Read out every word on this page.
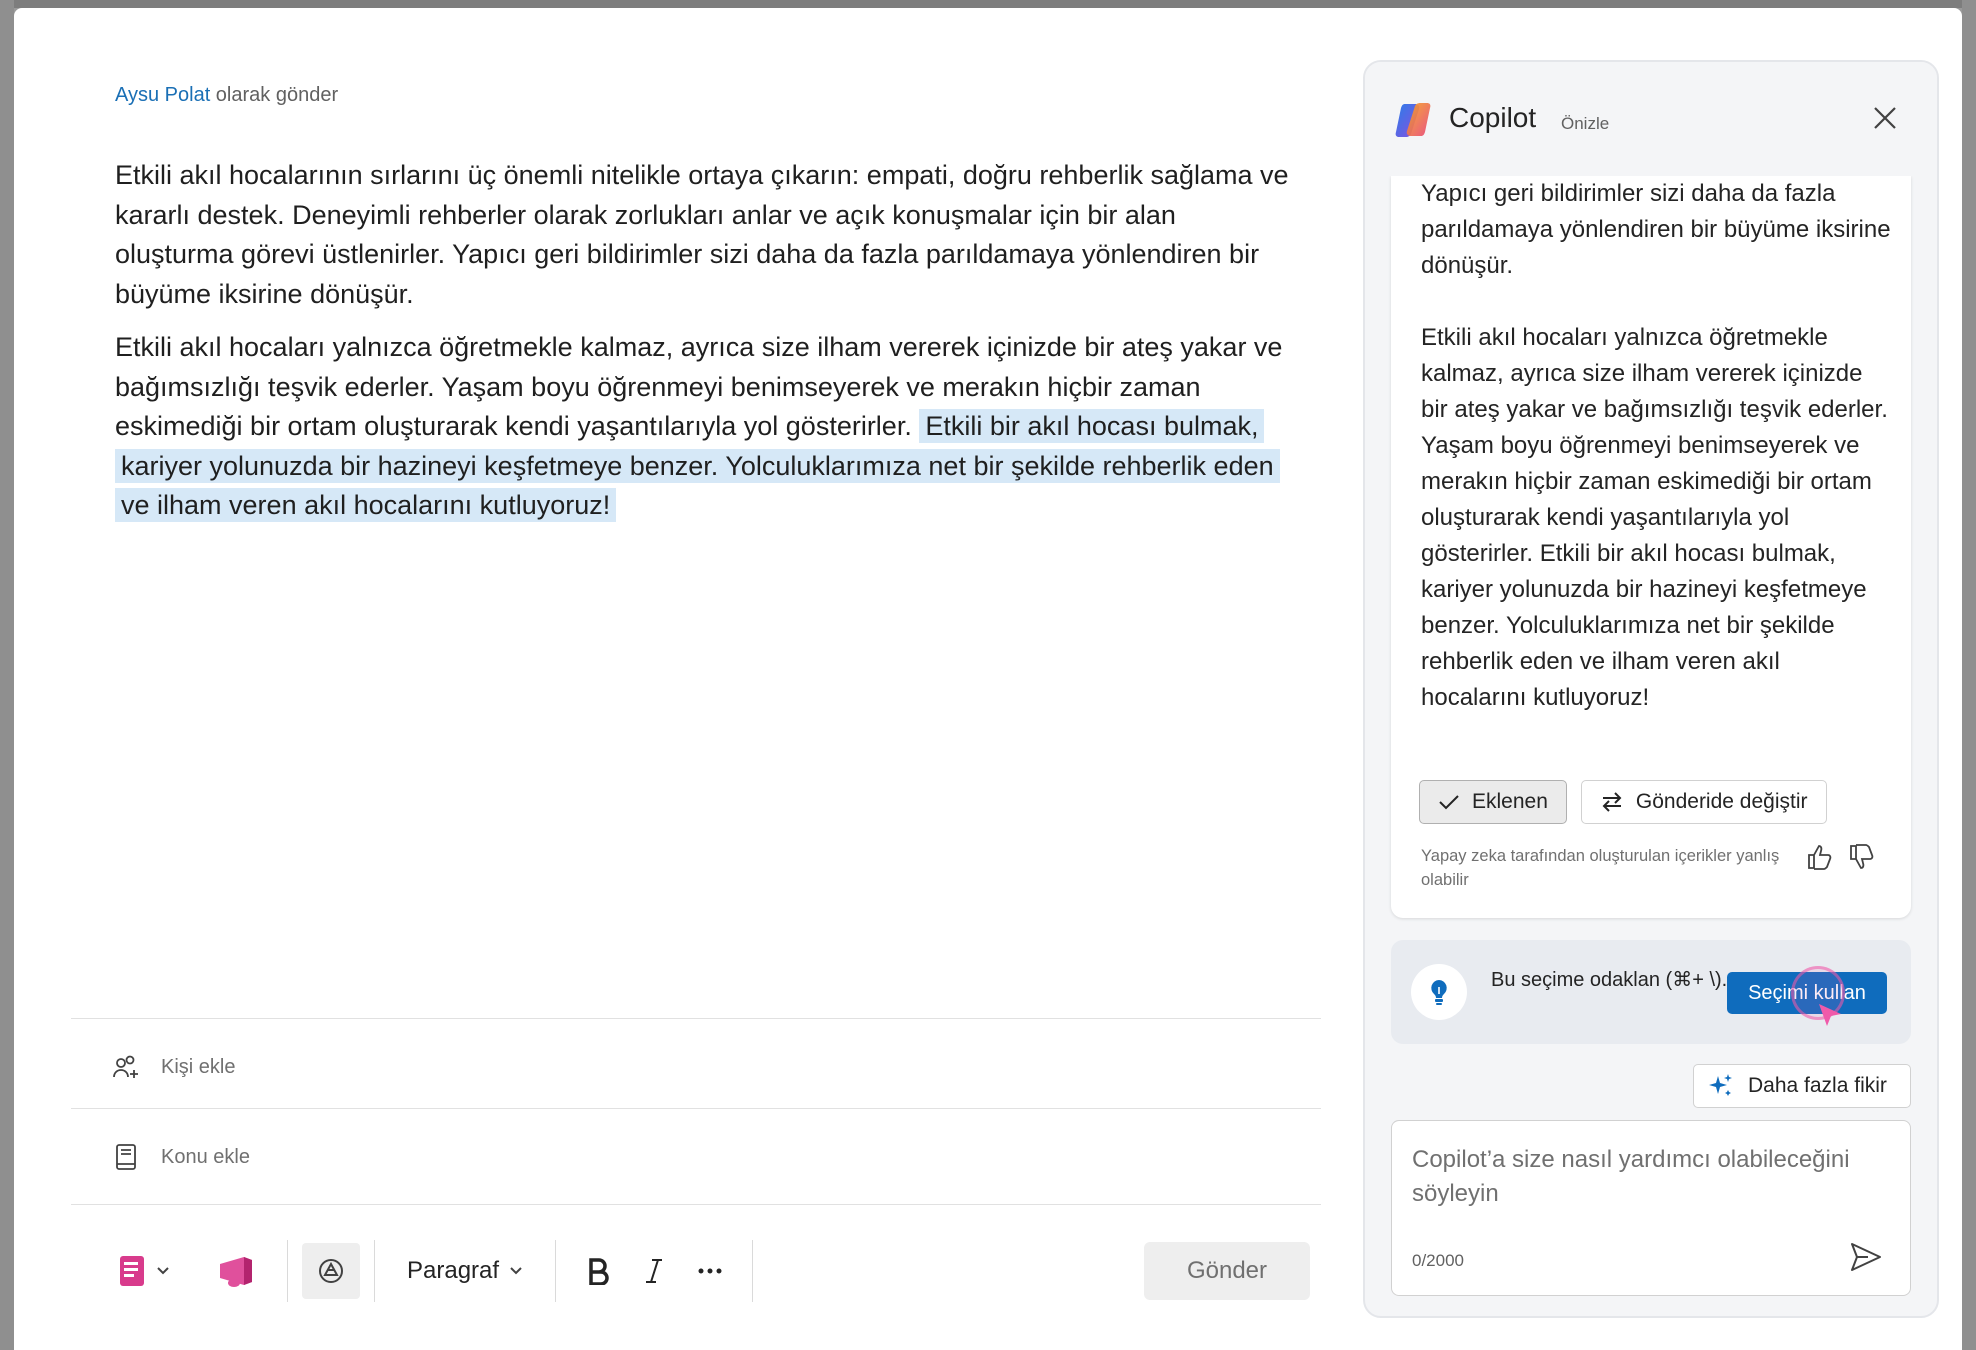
Aysu Polat olarak gönder

Etkili akıl hocalarının sırlarını üç önemli nitelikle ortaya çıkarın: empati, doğru rehberlik sağlama ve kararlı destek. Deneyimli rehberler olarak zorlukları anlar ve açık konuşmalar için bir alan oluşturma görevi üstlenirler. Yapıcı geri bildirimler sizi daha da fazla parıldamaya yönlendiren bir büyüme iksirine dönüşür.

Etkili akıl hocaları yalnızca öğretmekle kalmaz, ayrıca size ilham vererek içinizde bir ateş yakar ve bağımsızlığı teşvik ederler. Yaşam boyu öğrenmeyi benimseyerek ve merakın hiçbir zaman eskimediği bir ortam oluşturarak kendi yaşantılarıyla yol gösterirler. Etkili bir akıl hocası bulmak, kariyer yolunuzda bir hazineyi keşfetmeye benzer. Yolculuklarımıza net bir şekilde rehberlik eden ve ilham veren akıl hocalarını kutluyoruz!

Kişi ekle
Konu ekle
Paragraf	Gönder
Yapıcı geri bildirimler sizi daha da fazla parıldamaya yönlendiren bir büyüme iksirine dönüşür.

Etkili akıl hocaları yalnızca öğretmekle kalmaz, ayrıca size ilham vererek içinizde bir ateş yakar ve bağımsızlığı teşvik ederler. Yaşam boyu öğrenmeyi benimseyerek ve merakın hiçbir zaman eskimediği bir ortam oluşturarak kendi yaşantılarıyla yol gösterirler. Etkili bir akıl hocası bulmak, kariyer yolunuzda bir hazineyi keşfetmeye benzer. Yolculuklarımıza net bir şekilde rehberlik eden ve ilham veren akıl hocalarını kutluyoruz!
Eklenen	Gönderide değiştir
Yapay zeka tarafından oluşturulan içerikler yanlış olabilir
Copilot Önizle
Bu seçime odaklan (⌘+ \).
Seçimi kullan
Daha fazla fikir
Copilot’a size nasıl yardımcı olabileceğini söyleyin
0/2000
